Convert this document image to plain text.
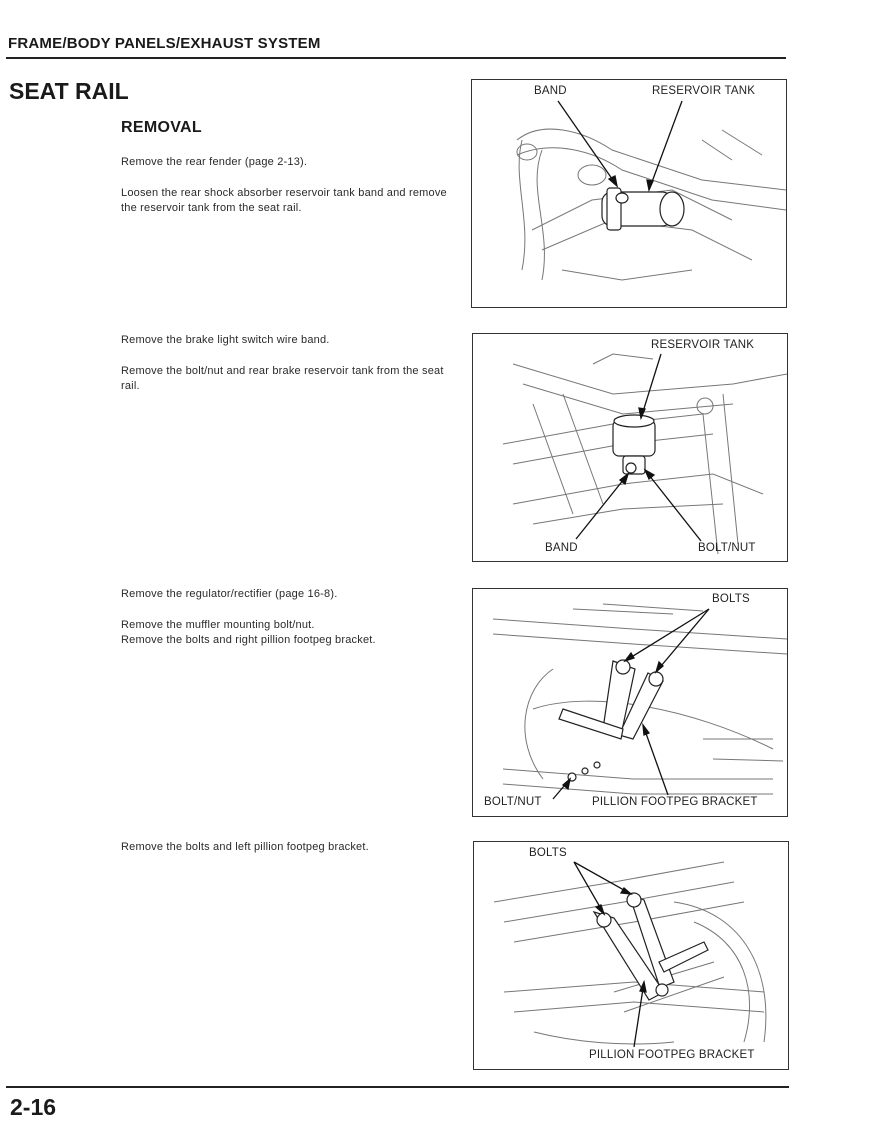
FRAME/BODY PANELS/EXHAUST SYSTEM
SEAT RAIL
REMOVAL
Remove the rear fender (page 2-13).
Loosen the rear shock absorber reservoir tank band and remove the reservoir tank from the seat rail.
Remove the brake light switch wire band.
Remove the bolt/nut and rear brake reservoir tank from the seat rail.
Remove the regulator/rectifier (page 16-8).
Remove the muffler mounting bolt/nut.
Remove the bolts and right pillion footpeg bracket.
Remove the bolts and left pillion footpeg bracket.
BAND	RESERVOIR TANK
RESERVOIR TANK
BAND	BOLT/NUT
BOLTS
BOLT/NUT	PILLION FOOTPEG BRACKET
BOLTS
PILLION FOOTPEG BRACKET
2-16
